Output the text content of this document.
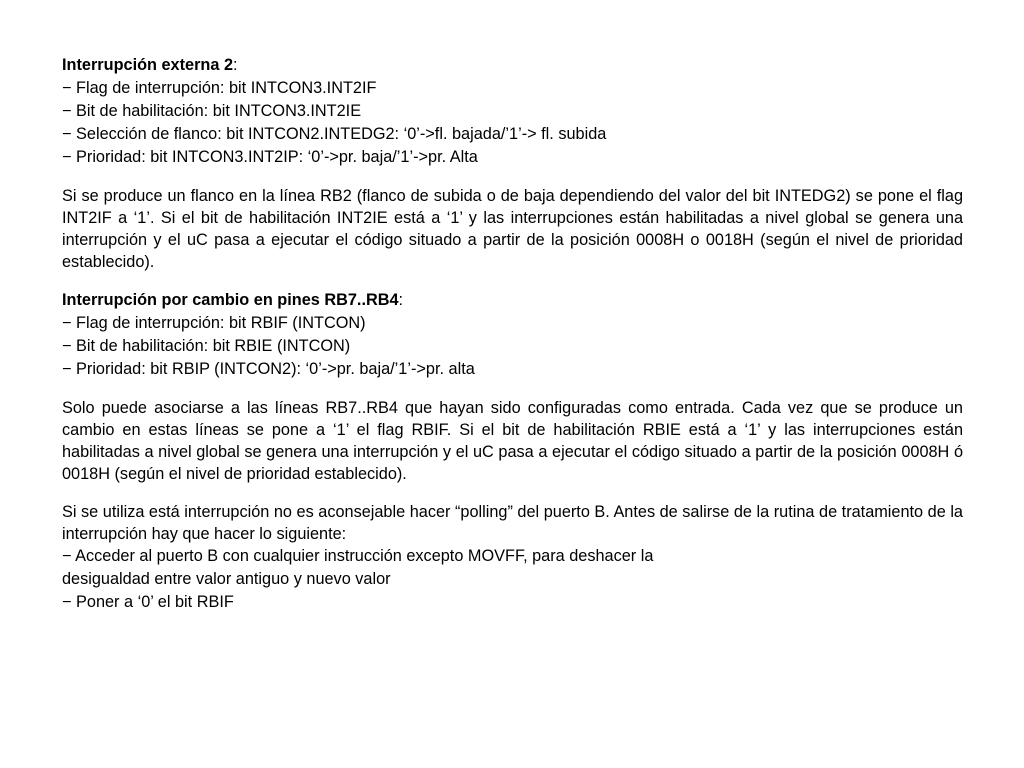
Interrupción externa 2:

− Flag de interrupción: bit INTCON3.INT2IF

− Bit de habilitación: bit INTCON3.INT2IE

− Selección de flanco: bit INTCON2.INTEDG2: ‘0’->fl. bajada/’1’-> fl. subida

− Prioridad: bit INTCON3.INT2IP: ‘0’->pr. baja/’1’->pr. Alta

Si se produce un flanco en la línea RB2 (flanco de subida o de baja dependiendo del valor del bit INTEDG2) se pone el flag INT2IF a ‘1’. Si el bit de habilitación INT2IE está a ‘1’ y las interrupciones están habilitadas a nivel global se genera una interrupción y el uC pasa a ejecutar el código situado a partir de la posición 0008H o 0018H (según el nivel de prioridad establecido).

Interrupción por cambio en pines RB7..RB4:

− Flag de interrupción: bit RBIF (INTCON)

− Bit de habilitación: bit RBIE (INTCON)

− Prioridad: bit RBIP (INTCON2): ‘0’->pr. baja/’1’->pr. alta

Solo puede asociarse a las líneas RB7..RB4 que hayan sido configuradas como entrada. Cada vez que se produce un cambio en estas líneas se pone a ‘1’ el flag RBIF. Si el bit de habilitación RBIE está a ‘1’ y las interrupciones están habilitadas a nivel global se genera una interrupción y el uC pasa a ejecutar el código situado a partir de la posición 0008H ó 0018H (según el nivel de prioridad establecido).

Si se utiliza está interrupción no es aconsejable hacer “polling” del puerto B. Antes de salirse de la rutina de tratamiento de la interrupción hay que hacer lo siguiente:

− Acceder al puerto B con cualquier instrucción excepto MOVFF, para deshacer la

desigualdad entre valor antiguo y nuevo valor

− Poner a ‘0’ el bit RBIF
